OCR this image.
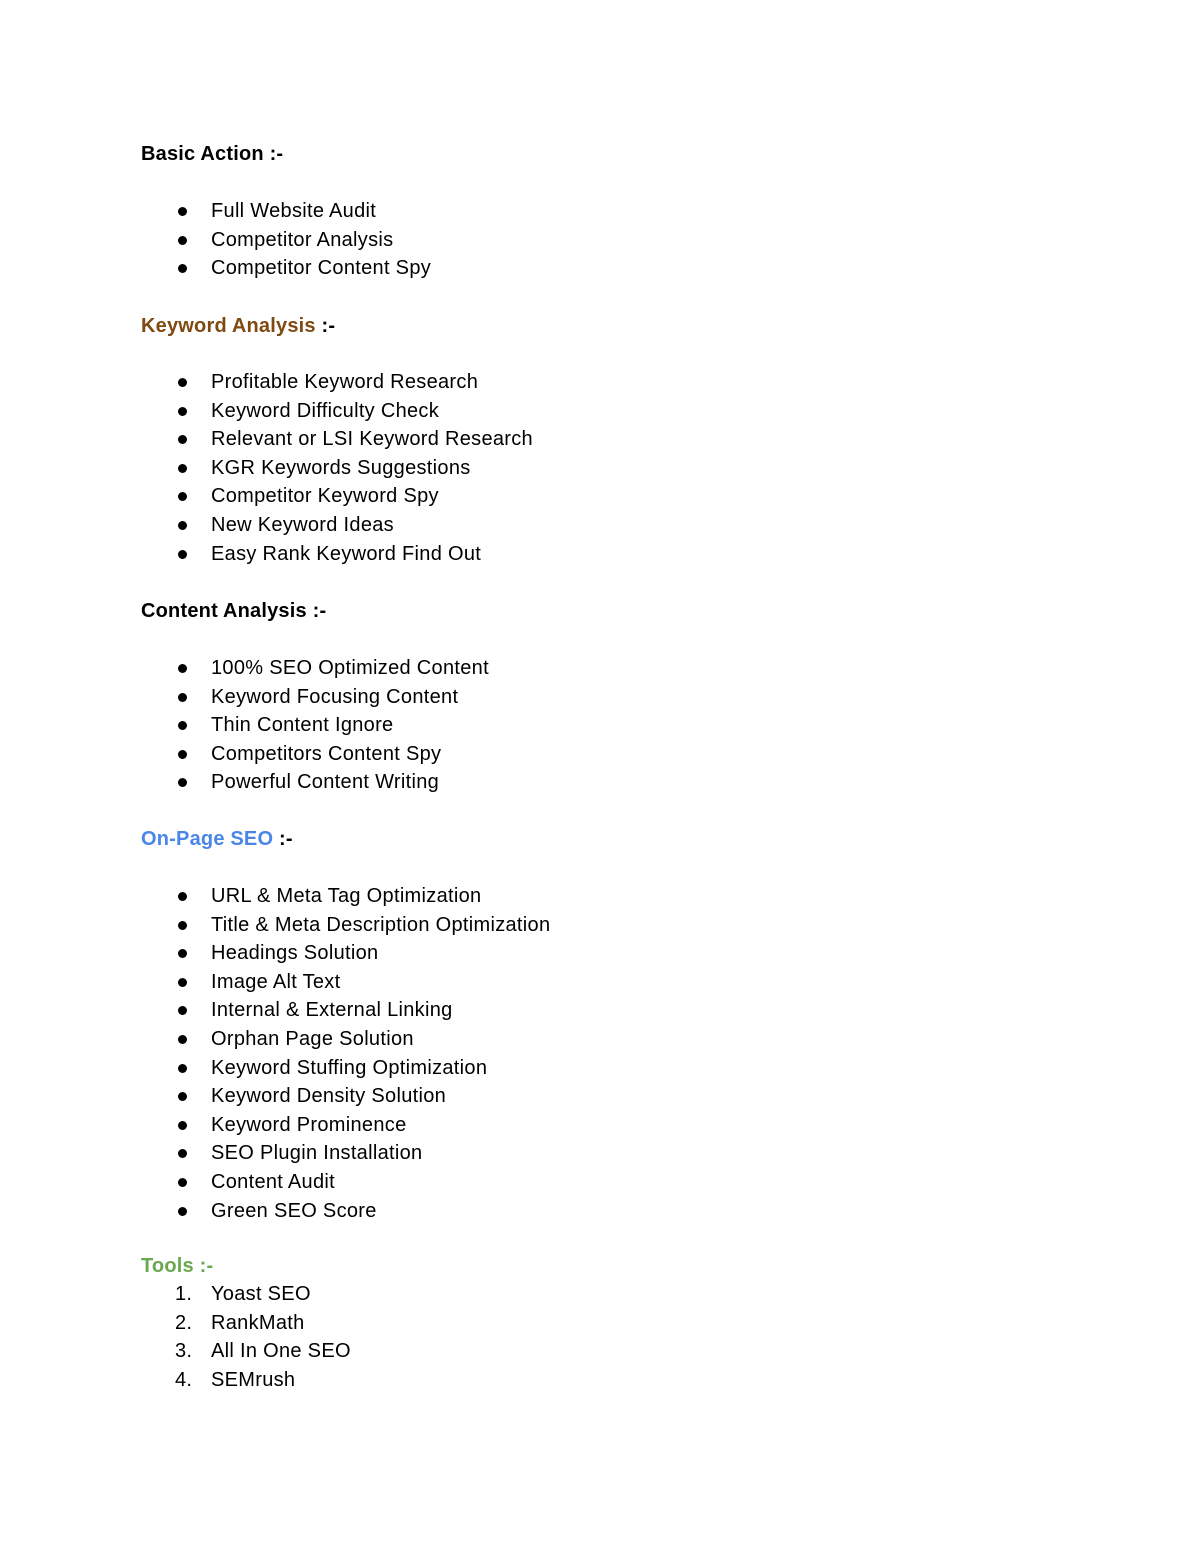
Basic Action :-
Full Website Audit
Competitor Analysis
Competitor Content Spy
Keyword Analysis :-
Profitable Keyword Research
Keyword Difficulty Check
Relevant or LSI Keyword Research
KGR Keywords Suggestions
Competitor Keyword Spy
New Keyword Ideas
Easy Rank Keyword Find Out
Content Analysis :-
100% SEO Optimized Content
Keyword Focusing Content
Thin Content Ignore
Competitors Content Spy
Powerful Content Writing
On-Page SEO :-
URL & Meta Tag Optimization
Title & Meta Description Optimization
Headings Solution
Image Alt Text
Internal & External Linking
Orphan Page Solution
Keyword Stuffing Optimization
Keyword Density Solution
Keyword Prominence
SEO Plugin Installation
Content Audit
Green SEO Score
Tools :-
1. Yoast SEO
2. RankMath
3. All In One SEO
4. SEMrush
